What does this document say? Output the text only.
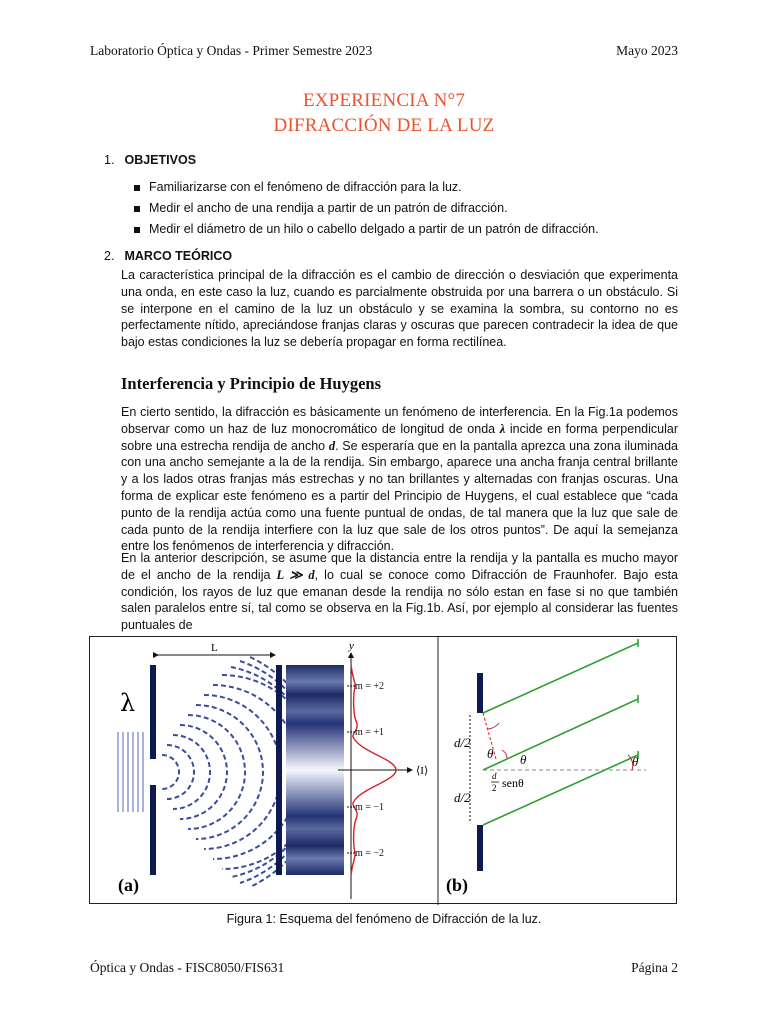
Laboratorio Óptica y Ondas - Primer Semestre 2023	Mayo 2023
EXPERIENCIA N°7
DIFRACCIÓN DE LA LUZ
1. OBJETIVOS
Familiarizarse con el fenómeno de difracción para la luz.
Medir el ancho de una rendija a partir de un patrón de difracción.
Medir el diámetro de un hilo o cabello delgado a partir de un patrón de difracción.
2. MARCO TEÓRICO

La característica principal de la difracción es el cambio de dirección o desviación que experimenta una onda, en este caso la luz, cuando es parcialmente obstruida por una barrera o un obstáculo. Si se interpone en el camino de la luz un obstáculo y se examina la sombra, su contorno no es perfectamente nítido, apreciándose franjas claras y oscuras que parecen contradecir la idea de que bajo estas condiciones la luz se debería propagar en forma rectilínea.

Interferencia y Principio de Huygens

En cierto sentido, la difracción es básicamente un fenómeno de interferencia. En la Fig.1a podemos observar como un haz de luz monocromático de longitud de onda λ incide en forma perpendicular sobre una estrecha rendija de ancho d. Se esperaría que en la pantalla aprezca una zona iluminada con una ancho semejante a la de la rendija. Sin embargo, aparece una ancha franja central brillante y a los lados otras franjas más estrechas y no tan brillantes y alternadas con franjas oscuras. Una forma de explicar este fenómeno es a partir del Principio de Huygens, el cual establece que “cada punto de la rendija actúa como una fuente puntual de ondas, de tal manera que la luz que sale de cada punto de la rendija interfiere con la luz que sale de los otros puntos”. De aquí la semejanza entre los fenómenos de interferencia y difracción.

En la anterior descripción, se asume que la distancia entre la rendija y la pantalla es mucho mayor de el ancho de la rendija L ≫ d, lo cual se conoce como Difracción de Fraunhofer. Bajo esta condición, los rayos de luz que emanan desde la rendija no sólo estan en fase si no que también salen paralelos entre sí, tal como se observa en la Fig.1b. Así, por ejemplo al considerar las fuentes puntuales de

L
λ
y
⟨I⟩
m = +2
m = +1
m = −1
m = −2
(a)
d/2
d/2
θ θ	θ
d
2 senθ
(b)
Figura 1: Esquema del fenómeno de Difracción de la luz.
Óptica y Ondas - FISC8050/FIS631	Página 2
